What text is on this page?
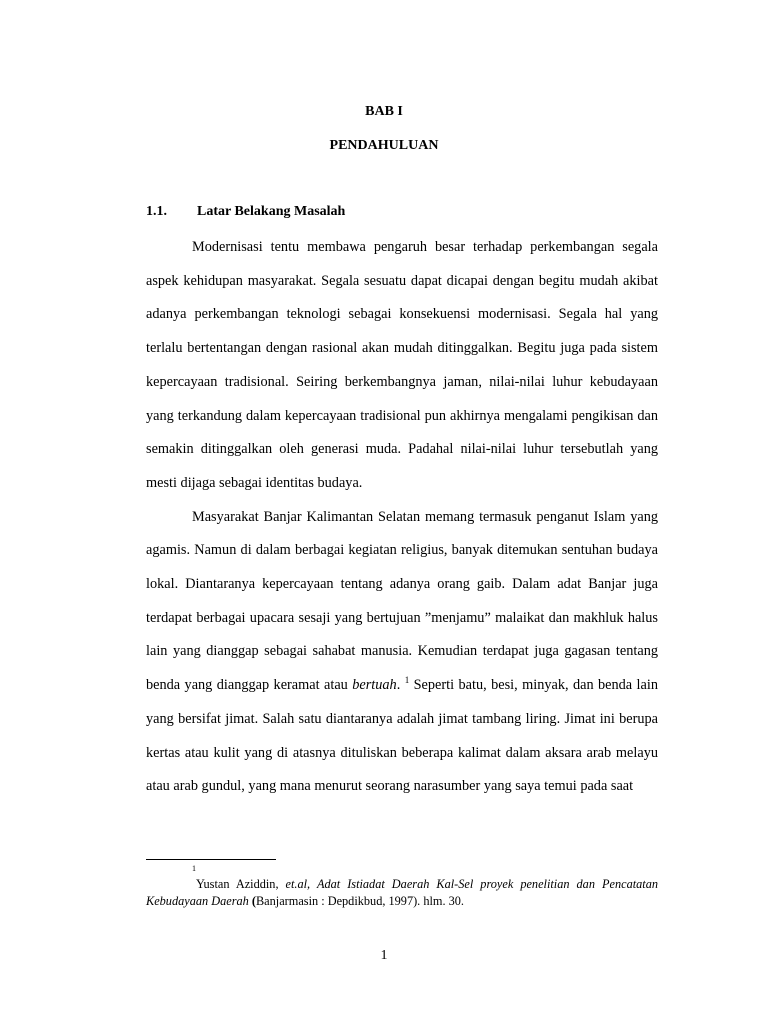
BAB I
PENDAHULUAN
1.1. Latar Belakang Masalah

Modernisasi tentu membawa pengaruh besar terhadap perkembangan segala aspek kehidupan masyarakat. Segala sesuatu dapat dicapai dengan begitu mudah akibat adanya perkembangan teknologi sebagai konsekuensi modernisasi. Segala hal yang terlalu bertentangan dengan rasional akan mudah ditinggalkan. Begitu juga pada sistem kepercayaan tradisional. Seiring berkembangnya jaman, nilai-nilai luhur kebudayaan yang terkandung dalam kepercayaan tradisional pun akhirnya mengalami pengikisan dan semakin ditinggalkan oleh generasi muda. Padahal nilai-nilai luhur tersebutlah yang mesti dijaga sebagai identitas budaya.

Masyarakat Banjar Kalimantan Selatan memang termasuk penganut Islam yang agamis. Namun di dalam berbagai kegiatan religius, banyak ditemukan sentuhan budaya lokal. Diantaranya kepercayaan tentang adanya orang gaib. Dalam adat Banjar juga terdapat berbagai upacara sesaji yang bertujuan ”menjamu” malaikat dan makhluk halus lain yang dianggap sebagai sahabat manusia. Kemudian terdapat juga gagasan tentang benda yang dianggap keramat atau bertuah. $^1$ Seperti batu, besi, minyak, dan benda lain yang bersifat jimat. Salah satu diantaranya adalah jimat tambang liring. Jimat ini berupa kertas atau kulit yang di atasnya dituliskan beberapa kalimat dalam aksara arab melayu atau arab gundul, yang mana menurut seorang narasumber yang saya temui pada saat

1
Yustan Aziddin, et.al, Adat Istiadat Daerah Kal-Sel proyek penelitian dan Pencatatan Kebudayaan Daerah (Banjarmasin : Depdikbud, 1997). hlm. 30.
1
